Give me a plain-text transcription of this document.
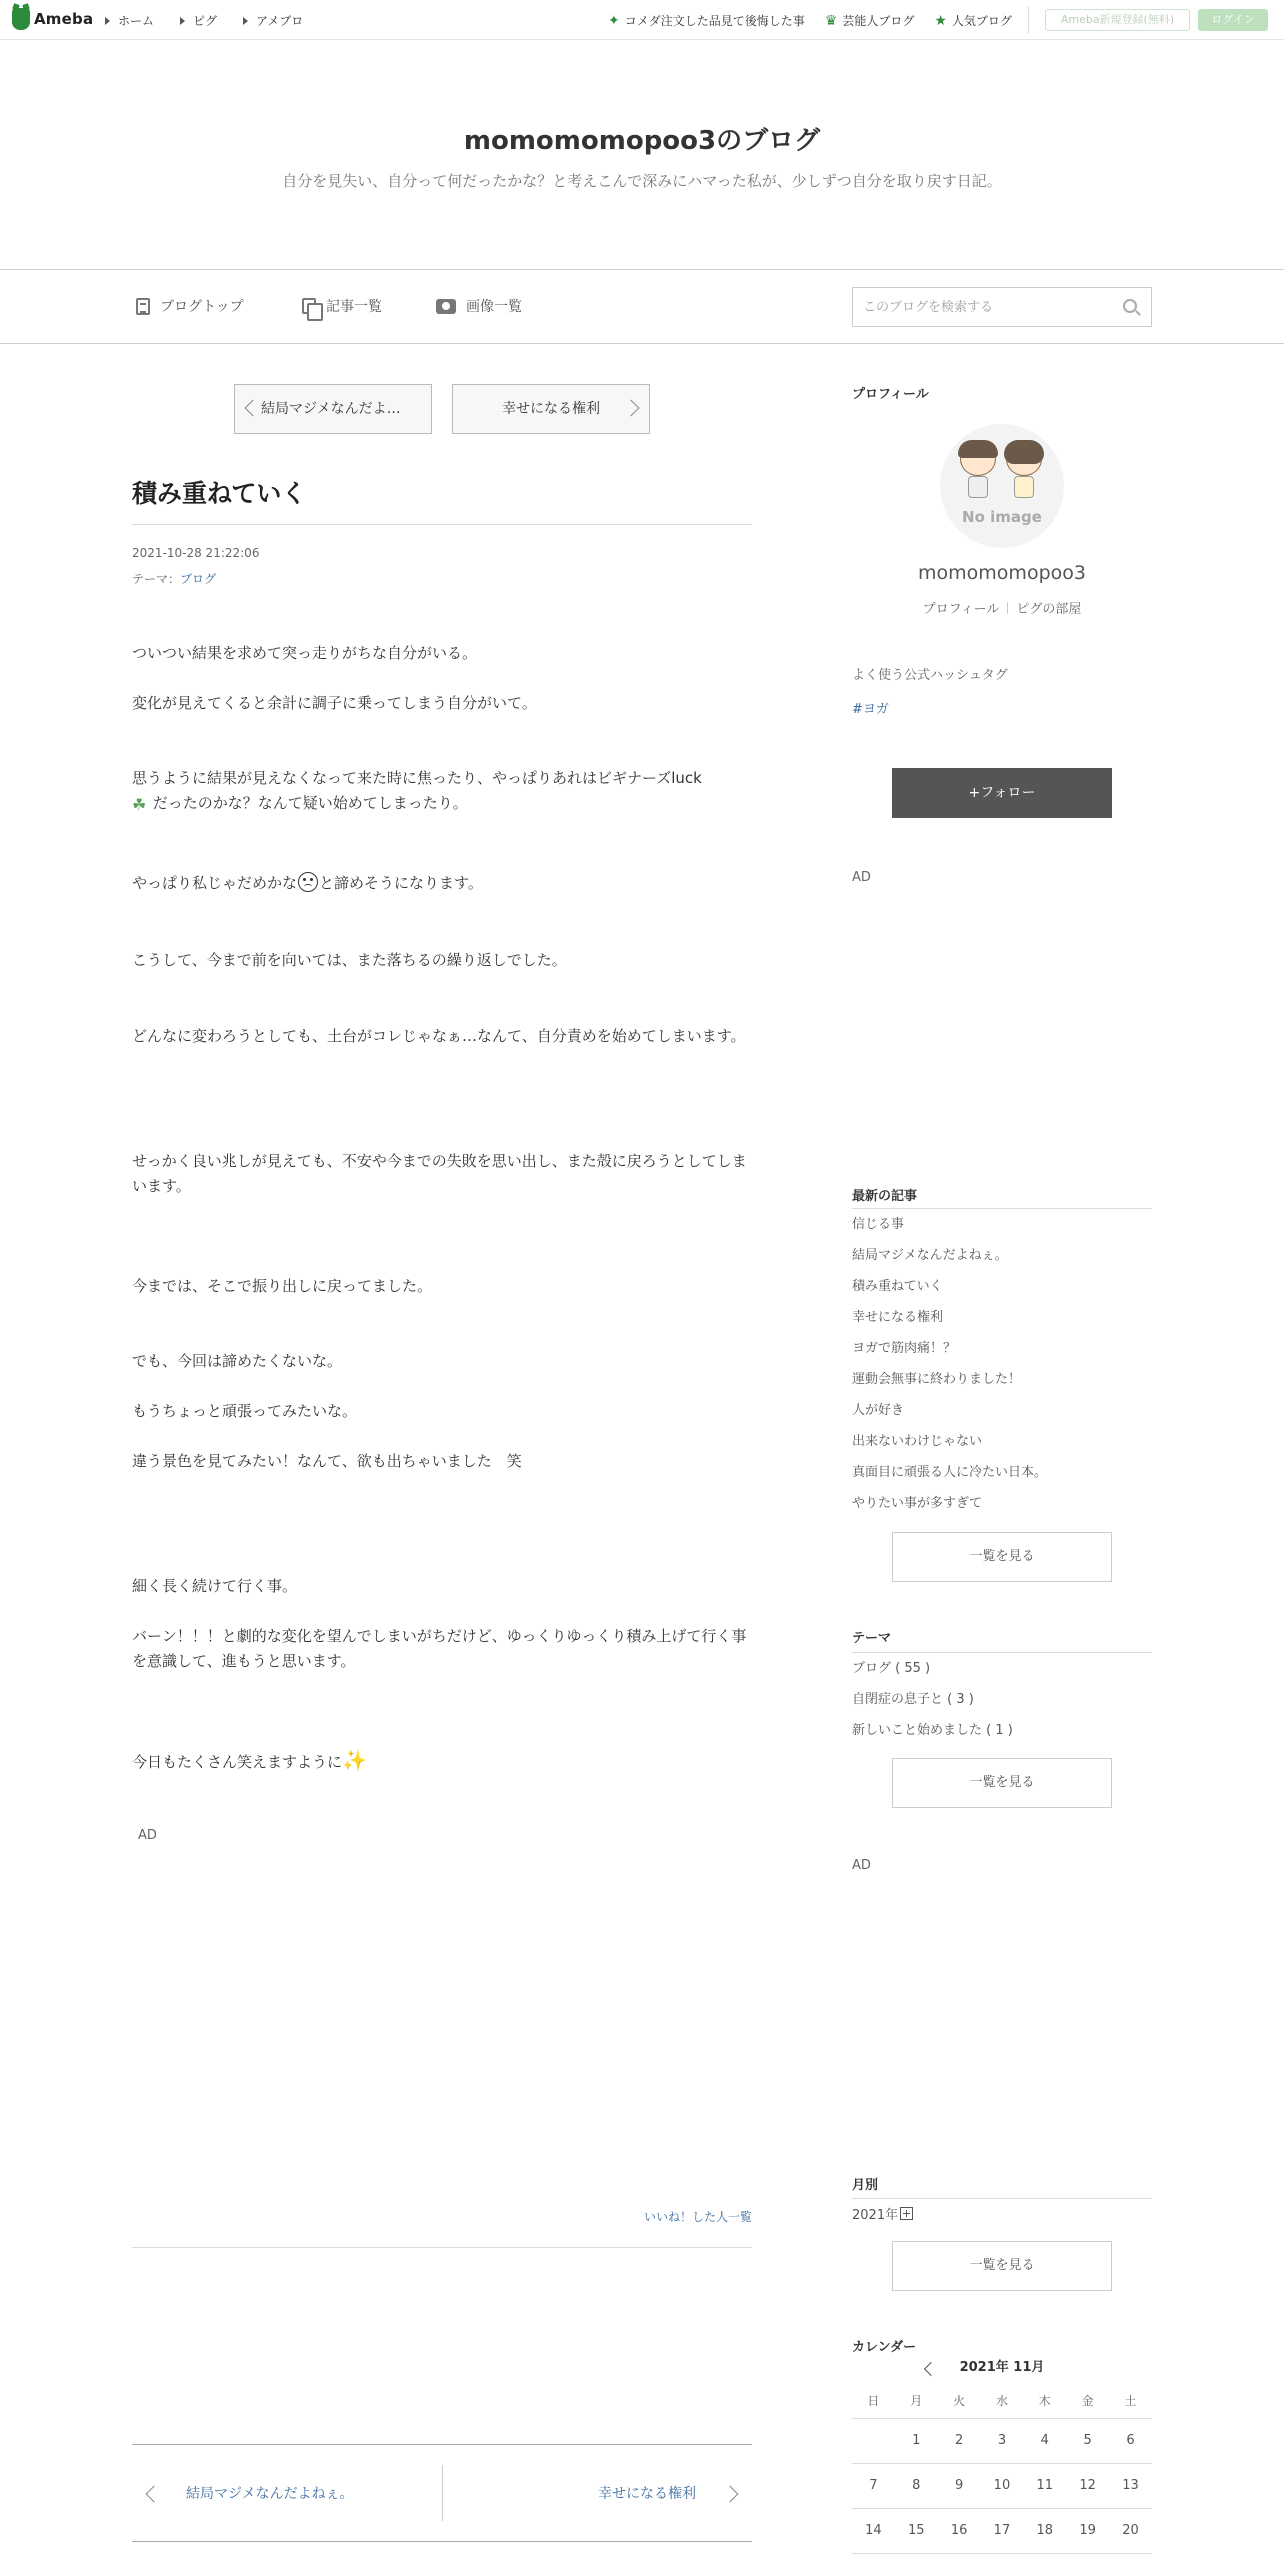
Ameba ホーム	ピグ	アメブロ	✦ コメダ注文した品見て後悔した事 ♛ 芸能人ブログ ★ 人気ブログ	Ameba新規登録(無料)	ログイン
momomomopoo3のブログ
自分を見失い、自分って何だったかな？と考えこんで深みにハマった私が、少しずつ自分を取り戻す日記。
ブログトップ	記事一覧	画像一覧
このブログを検索する
結局マジメなんだよ…	幸せになる権利
積み重ねていく
2021-10-28 21:22:06
テーマ：ブログ
ついつい結果を求めて突っ走りがちな自分がいる。
変化が見えてくると余計に調子に乗ってしまう自分がいて。
思うように結果が見えなくなって来た時に焦ったり、やっぱりあれはビギナーズluck
☘ だったのかな？なんて疑い始めてしまったり。
やっぱり私じゃだめかな と諦めそうになります。
こうして、今まで前を向いては、また落ちるの繰り返しでした。
どんなに変わろうとしても、土台がコレじゃなぁ…なんて、自分責めを始めてしまいます。
せっかく良い兆しが見えても、不安や今までの失敗を思い出し、また殻に戻ろうとしてしまいます。
今までは、そこで振り出しに戻ってました。
でも、今回は諦めたくないな。
もうちょっと頑張ってみたいな。
違う景色を見てみたい！なんて、欲も出ちゃいました　笑
細く長く続けて行く事。
バーン！！！と劇的な変化を望んでしまいがちだけど、ゆっくりゆっくり積み上げて行く事を意識して、進もうと思います。
今日もたくさん笑えますように✨
AD
いいね！した人一覧
結局マジメなんだよねぇ。	幸せになる権利
プロフィール
No image
momomomopoo3
プロフィール ピグの部屋
よく使う公式ハッシュタグ
#ヨガ
+フォロー
AD
最新の記事
信じる事
結局マジメなんだよねぇ。
積み重ねていく
幸せになる権利
ヨガで筋肉痛！？
運動会無事に終わりました！
人が好き
出来ないわけじゃない
真面目に頑張る人に冷たい日本。
やりたい事が多すぎて
一覧を見る
テーマ
ブログ ( 55 )
自閉症の息子と ( 3 )
新しいこと始めました ( 1 )
一覧を見る
AD
月別
2021年
一覧を見る
カレンダー
2021年 11月
日	月	火	水	木	金	土
	1	2	3	4	5	6
7	8	9	10	11	12	13
14	15	16	17	18	19	20
